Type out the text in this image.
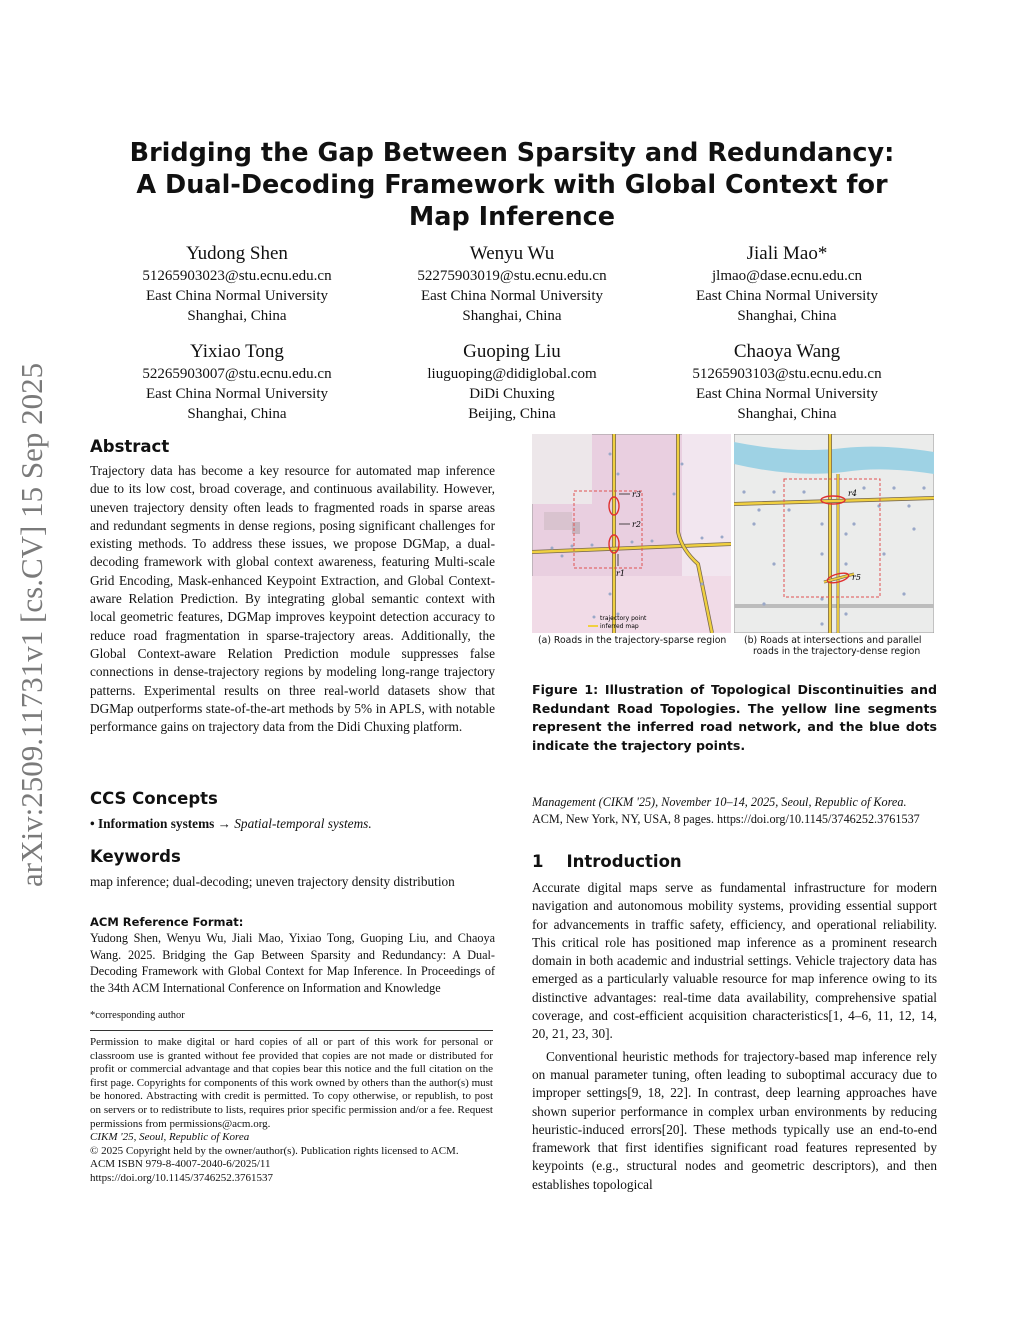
arXiv:2509.11731v1 [cs.CV] 15 Sep 2025
Bridging the Gap Between Sparsity and Redundancy: A Dual-Decoding Framework with Global Context for Map Inference
Yudong Shen
51265903023@stu.ecnu.edu.cn
East China Normal University
Shanghai, China
Wenyu Wu
52275903019@stu.ecnu.edu.cn
East China Normal University
Shanghai, China
Jiali Mao*
jlmao@dase.ecnu.edu.cn
East China Normal University
Shanghai, China
Yixiao Tong
52265903007@stu.ecnu.edu.cn
East China Normal University
Shanghai, China
Guoping Liu
liuguoping@didiglobal.com
DiDi Chuxing
Beijing, China
Chaoya Wang
51265903103@stu.ecnu.edu.cn
East China Normal University
Shanghai, China
Abstract

Trajectory data has become a key resource for automated map inference due to its low cost, broad coverage, and continuous availability. However, uneven trajectory density often leads to fragmented roads in sparse areas and redundant segments in dense regions, posing significant challenges for existing methods. To address these issues, we propose DGMap, a dual-decoding framework with global context awareness, featuring Multi-scale Grid Encoding, Mask-enhanced Keypoint Extraction, and Global Context-aware Relation Prediction. By integrating global semantic context with local geometric features, DGMap improves keypoint detection accuracy to reduce road fragmentation in sparse-trajectory areas. Additionally, the Global Context-aware Relation Prediction module suppresses false connections in dense-trajectory regions by modeling long-range trajectory patterns. Experimental results on three real-world datasets show that DGMap outperforms state-of-the-art methods by 5% in APLS, with notable performance gains on trajectory data from the Didi Chuxing platform.

CCS Concepts

• Information systems → Spatial-temporal systems.

Keywords

map inference; dual-decoding; uneven trajectory density distribution

ACM Reference Format:

Yudong Shen, Wenyu Wu, Jiali Mao, Yixiao Tong, Guoping Liu, and Chaoya Wang. 2025. Bridging the Gap Between Sparsity and Redundancy: A Dual-Decoding Framework with Global Context for Map Inference. In Proceedings of the 34th ACM International Conference on Information and Knowledge

*corresponding author

Permission to make digital or hard copies of all or part of this work for personal or classroom use is granted without fee provided that copies are not made or distributed for profit or commercial advantage and that copies bear this notice and the full citation on the first page. Copyrights for components of this work owned by others than the author(s) must be honored. Abstracting with credit is permitted. To copy otherwise, or republish, to post on servers or to redistribute to lists, requires prior specific permission and/or a fee. Request permissions from permissions@acm.org.

CIKM '25, Seoul, Republic of Korea

© 2025 Copyright held by the owner/author(s). Publication rights licensed to ACM.

ACM ISBN 979-8-4007-2040-6/2025/11

https://doi.org/10.1145/3746252.3761537

r3
r2
r1
trajectory point
inferred map
r4
r5
(a) Roads in the trajectory-sparse region	(b) Roads at intersections and parallel
roads in the trajectory-dense region

Figure 1: Illustration of Topological Discontinuities and Redundant Road Topologies. The yellow line segments represent the inferred road network, and the blue dots indicate the trajectory points.

Management (CIKM '25), November 10–14, 2025, Seoul, Republic of Korea.
ACM, New York, NY, USA, 8 pages. https://doi.org/10.1145/3746252.3761537
1    Introduction

Accurate digital maps serve as fundamental infrastructure for modern navigation and autonomous mobility systems, providing essential support for advancements in traffic safety, efficiency, and operational reliability. This critical role has positioned map inference as a prominent research domain in both academic and industrial settings. Vehicle trajectory data has emerged as a particularly valuable resource for map inference owing to its distinctive advantages: real-time data availability, comprehensive spatial coverage, and cost-efficient acquisition characteristics[1, 4–6, 11, 12, 14, 20, 21, 23, 30].

Conventional heuristic methods for trajectory-based map inference rely on manual parameter tuning, often leading to suboptimal accuracy due to improper settings[9, 18, 22]. In contrast, deep learning approaches have shown superior performance in complex urban environments by reducing heuristic-induced errors[20]. These methods typically use an end-to-end framework that first identifies significant road features represented by keypoints (e.g., structural nodes and geometric descriptors), and then establishes topological
